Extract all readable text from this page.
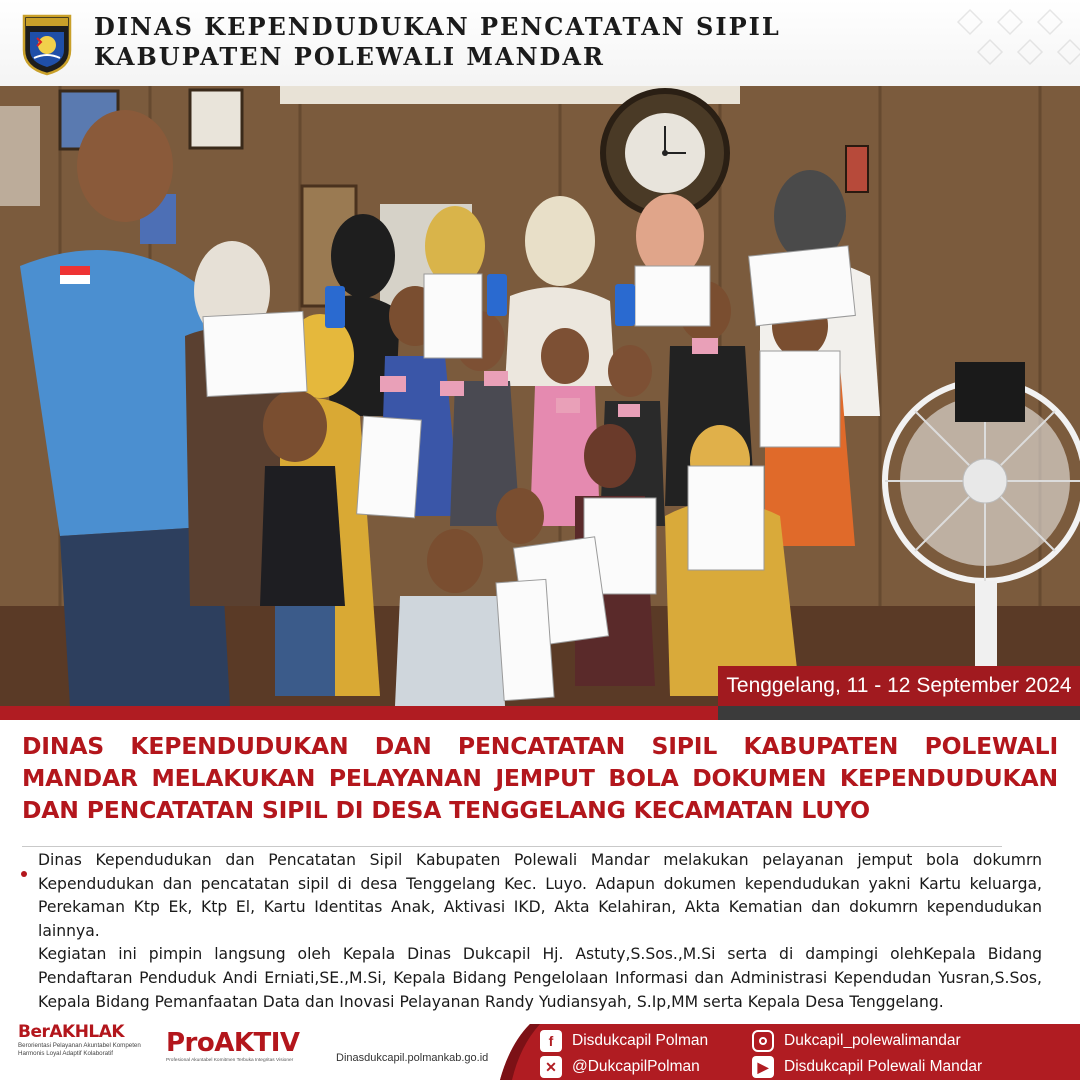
DINAS KEPENDUDUKAN PENCATATAN SIPIL
KABUPATEN POLEWALI MANDAR
Tenggelang, 11 - 12 September 2024
DINAS KEPENDUDUKAN DAN PENCATATAN SIPIL KABUPATEN POLEWALI MANDAR MELAKUKAN PELAYANAN JEMPUT BOLA DOKUMEN KEPENDUDUKAN DAN PENCATATAN SIPIL DI DESA TENGGELANG KECAMATAN LUYO

Dinas Kependudukan dan Pencatatan Sipil Kabupaten Polewali Mandar melakukan pelayanan jemput bola dokumrn Kependudukan dan pencatatan sipil di desa Tenggelang Kec. Luyo. Adapun dokumen kependudukan yakni Kartu keluarga, Perekaman Ktp Ek, Ktp El, Kartu Identitas Anak, Aktivasi IKD, Akta Kelahiran, Akta Kematian dan dokumrn kependudukan lainnya.

Kegiatan ini pimpin langsung oleh Kepala Dinas Dukcapil Hj. Astuty,S.Sos.,M.Si serta di dampingi olehKepala Bidang Pendaftaran Penduduk Andi Erniati,SE.,M.Si, Kepala Bidang Pengelolaan Informasi dan Administrasi Kependudan Yusran,S.Sos, Kepala Bidang Pemanfaatan Data dan Inovasi Pelayanan Randy Yudiansyah, S.Ip,MM serta Kepala Desa Tenggelang.

BerAKHLAK
Berorientasi Pelayanan Akuntabel Kompeten
Harmonis Loyal Adaptif Kolaboratif	ProAKTIV
Profesional Akuntabel Komitmen Terbuka Integritas Visioner	Dinasdukcapil.polmankab.go.id
f	Disdukcapil Polman
✕ @DukcapilPolman
Dukcapil_polewalimandar
▶	Disdukcapil Polewali Mandar
